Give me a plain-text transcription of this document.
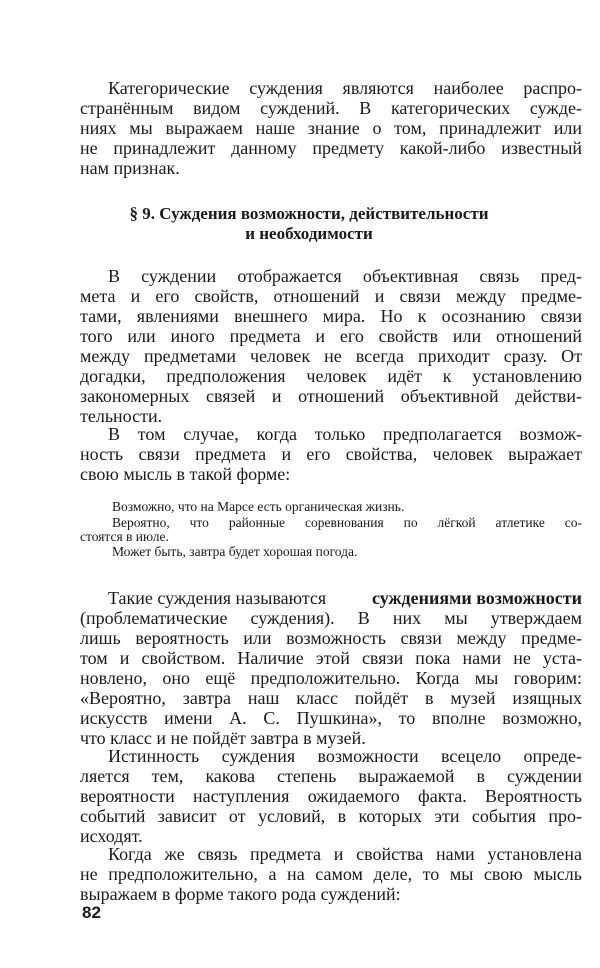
Категорические суждения являются наиболее распро-

странённым видом суждений. В категорических сужде-

ниях мы выражаем наше знание о том, принадлежит или

не принадлежит данному предмету какой-либо известный

нам признак.

§ 9. Суждения возможности, действительности

и необходимости

В суждении отображается объективная связь пред-

мета и его свойств, отношений и связи между предме-

тами, явлениями внешнего мира. Но к осознанию связи

того или иного предмета и его свойств или отношений

между предметами человек не всегда приходит сразу. От

догадки, предположения человек идёт к установлению

закономерных связей и отношений объективной действи-

тельности.

В том случае, когда только предполагается возмож-

ность связи предмета и его свойства, человек выражает

свою мысль в такой форме:

Возможно, что на Марсе есть органическая жизнь.

Вероятно, что районные соревнования по лёгкой атлетике со-

стоятся в июле.

Может быть, завтра будет хорошая погода.

Такие суждения называются	суждениями возможности

(проблематические суждения). В них мы утверждаем

лишь вероятность или возможность связи между предмe-

том и свойством. Наличие этой связи пока нами не уста-

новлено, оно ещё предположительно. Когда мы говорим:

«Вероятно, завтра наш класс пойдёт в музей изящных

искусств имени А. С. Пушкина», то вполне возможно,

что класс и не пойдёт завтра в музей.

Истинность суждения возможности всецело опреде-

ляется тем, какова степень выражаемой в суждении

вероятности наступления ожидаемого факта. Вероятность

событий зависит от условий, в которых эти события про-

исходят.

Когда же связь предмета и свойства нами установлена

не предположительно, а на самом деле, то мы свою мысль

выражаем в форме такого рода суждений:

82
